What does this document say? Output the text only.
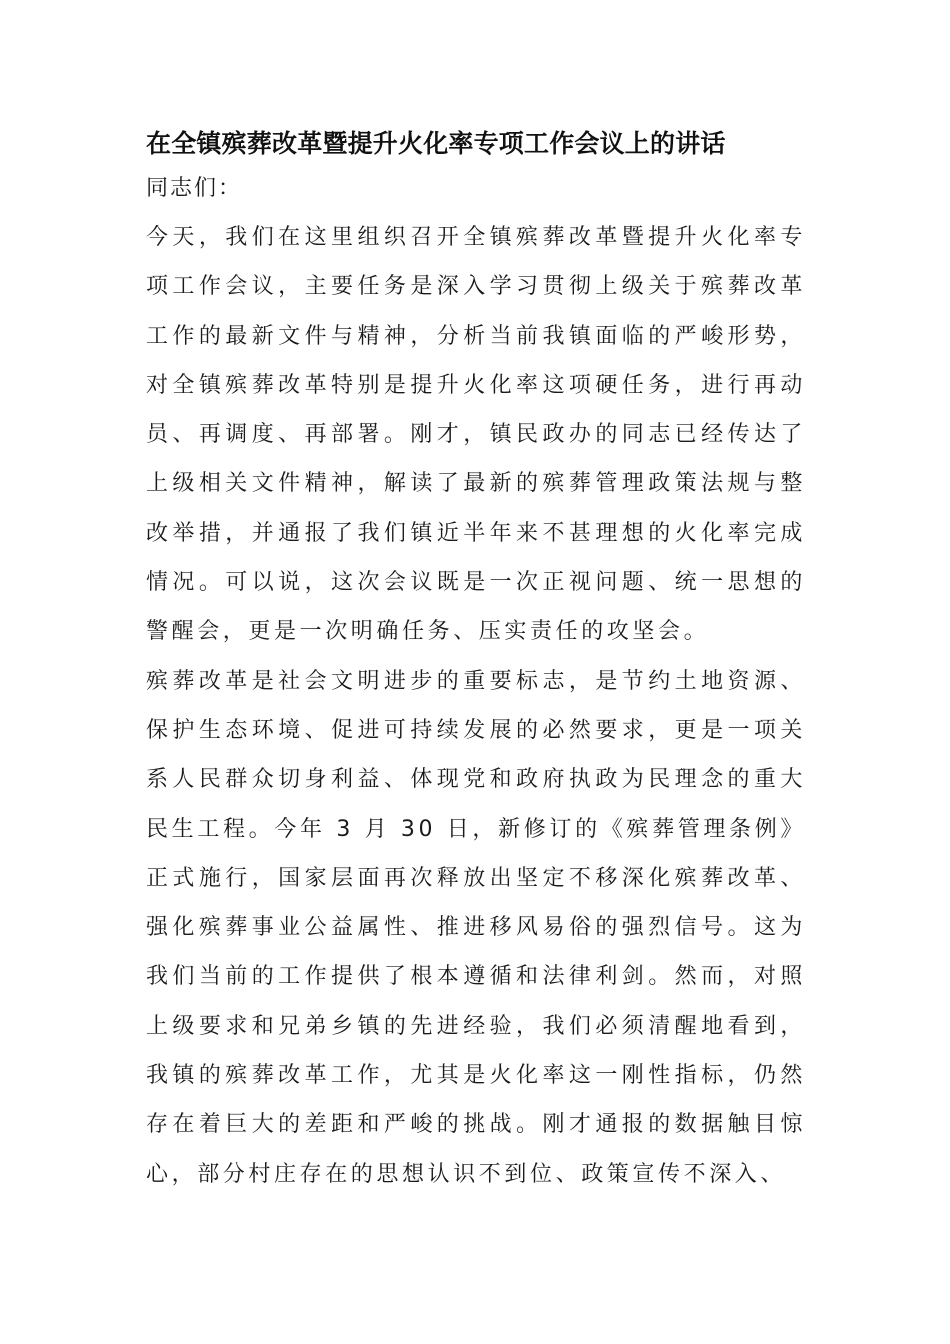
在全镇殡葬改革暨提升火化率专项工作会议上的讲话

同志们：

今天，我们在这里组织召开全镇殡葬改革暨提升火化率专项工作会议，主要任务是深入学习贯彻上级关于殡葬改革工作的最新文件与精神，分析当前我镇面临的严峻形势，对全镇殡葬改革特别是提升火化率这项硬任务，进行再动员、再调度、再部署。刚才，镇民政办的同志已经传达了上级相关文件精神，解读了最新的殡葬管理政策法规与整改举措，并通报了我们镇近半年来不甚理想的火化率完成情况。可以说，这次会议既是一次正视问题、统一思想的警醒会，更是一次明确任务、压实责任的攻坚会。

殡葬改革是社会文明进步的重要标志，是节约土地资源、保护生态环境、促进可持续发展的必然要求，更是一项关系人民群众切身利益、体现党和政府执政为民理念的重大民生工程。今年 3 月 30 日，新修订的《殡葬管理条例》正式施行，国家层面再次释放出坚定不移深化殡葬改革、强化殡葬事业公益属性、推进移风易俗的强烈信号。这为我们当前的工作提供了根本遵循和法律利剑。然而，对照上级要求和兄弟乡镇的先进经验，我们必须清醒地看到，我镇的殡葬改革工作，尤其是火化率这一刚性指标，仍然存在着巨大的差距和严峻的挑战。刚才通报的数据触目惊心，部分村庄存在的思想认识不到位、政策宣传不深入、
